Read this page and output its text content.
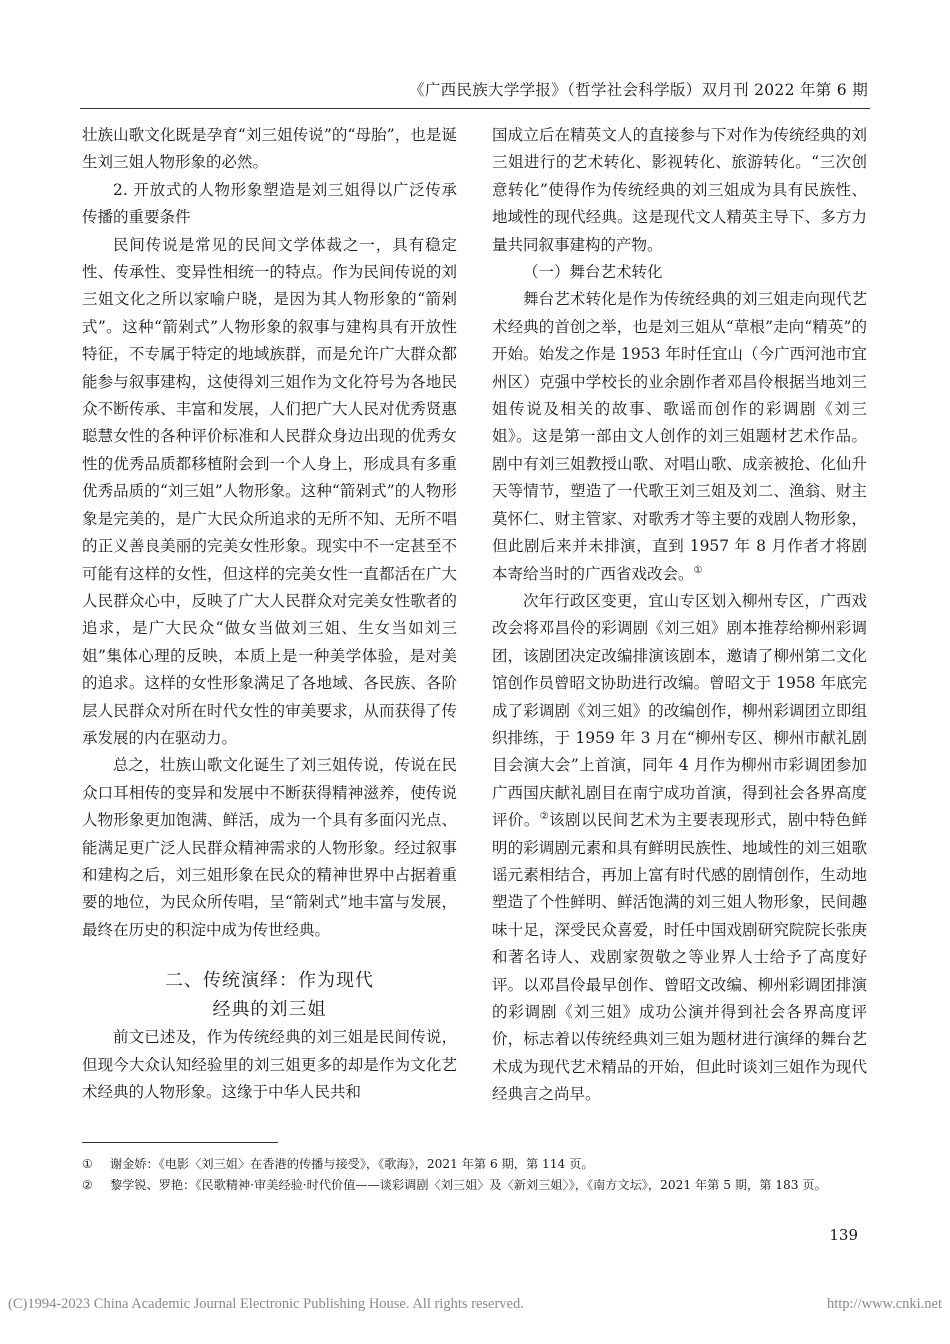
《广西民族大学学报》（哲学社会科学版）双月刊 2022 年第 6 期

壮族山歌文化既是孕育“刘三姐传说”的“母胎”，也是诞生刘三姐人物形象的必然。

2. 开放式的人物形象塑造是刘三姐得以广泛传承传播的重要条件

民间传说是常见的民间文学体裁之一，具有稳定性、传承性、变异性相统一的特点。作为民间传说的刘三姐文化之所以家喻户晓，是因为其人物形象的“箭剁式”。这种“箭剁式”人物形象的叙事与建构具有开放性特征，不专属于特定的地域族群，而是允许广大群众都能参与叙事建构，这使得刘三姐作为文化符号为各地民众不断传承、丰富和发展，人们把广大人民对优秀贤惠聪慧女性的各种评价标准和人民群众身边出现的优秀女性的优秀品质都移植附会到一个人身上，形成具有多重优秀品质的“刘三姐”人物形象。这种“箭剁式”的人物形象是完美的，是广大民众所追求的无所不知、无所不唱的正义善良美丽的完美女性形象。现实中不一定甚至不可能有这样的女性，但这样的完美女性一直都活在广大人民群众心中，反映了广大人民群众对完美女性歌者的追求，是广大民众“做女当做刘三姐、生女当如刘三姐”集体心理的反映，本质上是一种美学体验，是对美的追求。这样的女性形象满足了各地域、各民族、各阶层人民群众对所在时代女性的审美要求，从而获得了传承发展的内在驱动力。

总之，壮族山歌文化诞生了刘三姐传说，传说在民众口耳相传的变异和发展中不断获得精神滋养，使传说人物形象更加饱满、鲜活，成为一个具有多面闪光点、能满足更广泛人民群众精神需求的人物形象。经过叙事和建构之后，刘三姐形象在民众的精神世界中占据着重要的地位，为民众所传唱，呈“箭剁式”地丰富与发展，最终在历史的积淀中成为传世经典。

二、传统演绎：作为现代
经典的刘三姐

前文已述及，作为传统经典的刘三姐是民间传说，但现今大众认知经验里的刘三姐更多的却是作为文化艺术经典的人物形象。这缘于中华人民共和

国成立后在精英文人的直接参与下对作为传统经典的刘三姐进行的艺术转化、影视转化、旅游转化。“三次创意转化”使得作为传统经典的刘三姐成为具有民族性、地域性的现代经典。这是现代文人精英主导下、多方力量共同叙事建构的产物。

（一）舞台艺术转化

舞台艺术转化是作为传统经典的刘三姐走向现代艺术经典的首创之举，也是刘三姐从“草根”走向“精英”的开始。始发之作是 1953 年时任宜山（今广西河池市宜州区）克强中学校长的业余剧作者邓昌伶根据当地刘三姐传说及相关的故事、歌谣而创作的彩调剧《刘三姐》。这是第一部由文人创作的刘三姐题材艺术作品。剧中有刘三姐教授山歌、对唱山歌、成亲被抢、化仙升天等情节，塑造了一代歌王刘三姐及刘二、渔翁、财主莫怀仁、财主管家、对歌秀才等主要的戏剧人物形象，但此剧后来并未排演，直到 1957 年 8 月作者才将剧本寄给当时的广西省戏改会。①

次年行政区变更，宜山专区划入柳州专区，广西戏改会将邓昌伶的彩调剧《刘三姐》剧本推荐给柳州彩调团，该剧团决定改编排演该剧本，邀请了柳州第二文化馆创作员曾昭文协助进行改编。曾昭文于 1958 年底完成了彩调剧《刘三姐》的改编创作，柳州彩调团立即组织排练，于 1959 年 3 月在“柳州专区、柳州市献礼剧目会演大会”上首演，同年 4 月作为柳州市彩调团参加广西国庆献礼剧目在南宁成功首演，得到社会各界高度评价。②该剧以民间艺术为主要表现形式，剧中特色鲜明的彩调剧元素和具有鲜明民族性、地域性的刘三姐歌谣元素相结合，再加上富有时代感的剧情创作，生动地塑造了个性鲜明、鲜活饱满的刘三姐人物形象，民间趣味十足，深受民众喜爱，时任中国戏剧研究院院长张庚和著名诗人、戏剧家贺敬之等业界人士给予了高度好评。以邓昌伶最早创作、曾昭文改编、柳州彩调团排演的彩调剧《刘三姐》成功公演并得到社会各界高度评价，标志着以传统经典刘三姐为题材进行演绎的舞台艺术成为现代艺术精品的开始，但此时谈刘三姐作为现代经典言之尚早。

①	谢金娇：《电影〈刘三姐〉在香港的传播与接受》，《歌海》，2021 年第 6 期，第 114 页。
②	黎学锐、罗艳：《民歌精神·审美经验·时代价值——谈彩调剧〈刘三姐〉及〈新刘三姐〉》，《南方文坛》，2021 年第 5 期，第 183 页。
139
(C)1994-2023 China Academic Journal Electronic Publishing House. All rights reserved.	http://www.cnki.net
